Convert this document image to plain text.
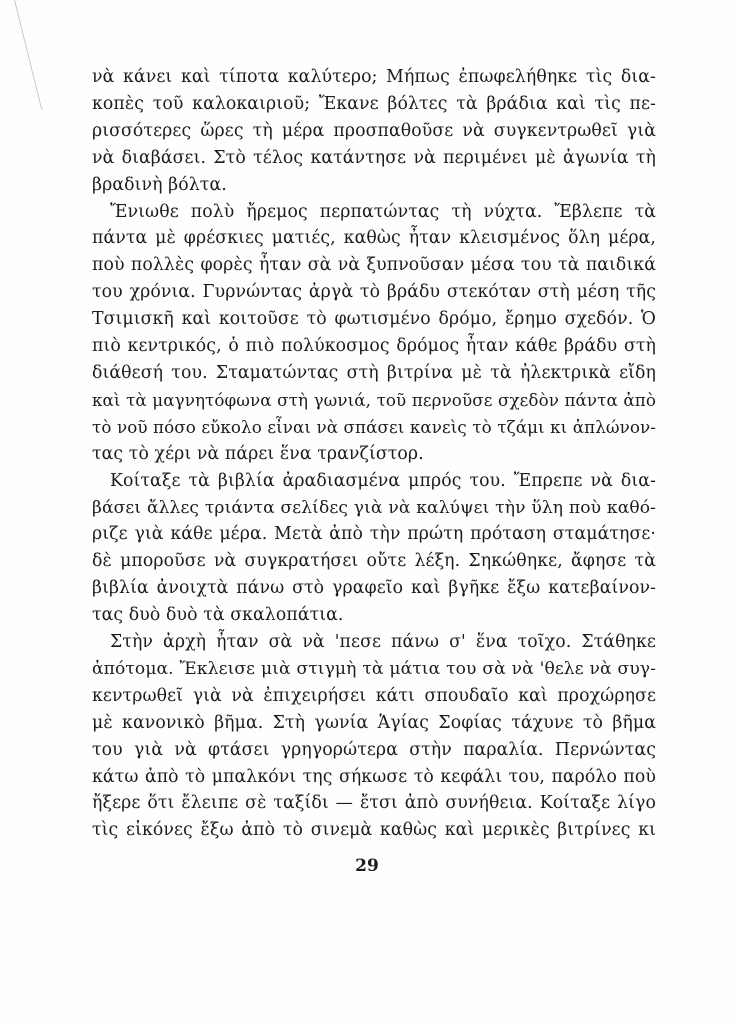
νὰ κάνει καὶ τίποτα καλύτερο; Μήπως ἐπωφελήθηκε τὶς δια-
κοπὲς τοῦ καλοκαιριοῦ; Ἔκανε βόλτες τὰ βράδια καὶ τὶς πε-
ρισσότερες ὥρες τὴ μέρα προσπαθοῦσε νὰ συγκεντρωθεῖ γιὰ
νὰ διαβάσει. Στὸ τέλος κατάντησε νὰ περιμένει μὲ ἀγωνία τὴ
βραδινὴ βόλτα.
Ἔνιωθε πολὺ ἤρεμος περπατώντας τὴ νύχτα. Ἔβλεπε τὰ
πάντα μὲ φρέσκιες ματιές, καθὼς ἦταν κλεισμένος ὅλη μέρα,
ποὺ πολλὲς φορὲς ἦταν σὰ νὰ ξυπνοῦσαν μέσα του τὰ παιδικά
του χρόνια. Γυρνώντας ἀργὰ τὸ βράδυ στεκόταν στὴ μέση τῆς
Τσιμισκῆ καὶ κοιτοῦσε τὸ φωτισμένο δρόμο, ἔρημο σχεδόν. Ὁ
πιὸ κεντρικός, ὁ πιὸ πολύκοσμος δρόμος ἦταν κάθε βράδυ στὴ
διάθεσή του. Σταματώντας στὴ βιτρίνα μὲ τὰ ἠλεκτρικὰ εἴδη
καὶ τὰ μαγνητόφωνα στὴ γωνιά, τοῦ περνοῦσε σχεδὸν πάντα ἀπὸ
τὸ νοῦ πόσο εὔκολο εἶναι νὰ σπάσει κανεὶς τὸ τζάμι κι ἁπλώνον-
τας τὸ χέρι νὰ πάρει ἕνα τρανζίστορ.
Κοίταξε τὰ βιβλία ἀραδιασμένα μπρός του. Ἔπρεπε νὰ δια-
βάσει ἄλλες τριάντα σελίδες γιὰ νὰ καλύψει τὴν ὕλη ποὺ καθό-
ριζε γιὰ κάθε μέρα. Μετὰ ἀπὸ τὴν πρώτη πρόταση σταμάτησε·
δὲ μποροῦσε νὰ συγκρατήσει οὔτε λέξη. Σηκώθηκε, ἄφησε τὰ
βιβλία ἀνοιχτὰ πάνω στὸ γραφεῖο καὶ βγῆκε ἔξω κατεβαίνον-
τας δυὸ δυὸ τὰ σκαλοπάτια.
Στὴν ἀρχὴ ἦταν σὰ νὰ 'πεσε πάνω σ' ἕνα τοῖχο. Στάθηκε
ἀπότομα. Ἔκλεισε μιὰ στιγμὴ τὰ μάτια του σὰ νὰ 'θελε νὰ συγ-
κεντρωθεῖ γιὰ νὰ ἐπιχειρήσει κάτι σπουδαῖο καὶ προχώρησε
μὲ κανονικὸ βῆμα. Στὴ γωνία Ἁγίας Σοφίας τάχυνε τὸ βῆμα
του γιὰ νὰ φτάσει γρηγορώτερα στὴν παραλία. Περνώντας
κάτω ἀπὸ τὸ μπαλκόνι της σήκωσε τὸ κεφάλι του, παρόλο ποὺ
ἤξερε ὅτι ἔλειπε σὲ ταξίδι — ἔτσι ἀπὸ συνήθεια. Κοίταξε λίγο
τὶς εἰκόνες ἔξω ἀπὸ τὸ σινεμὰ καθὼς καὶ μερικὲς βιτρίνες κι
29
